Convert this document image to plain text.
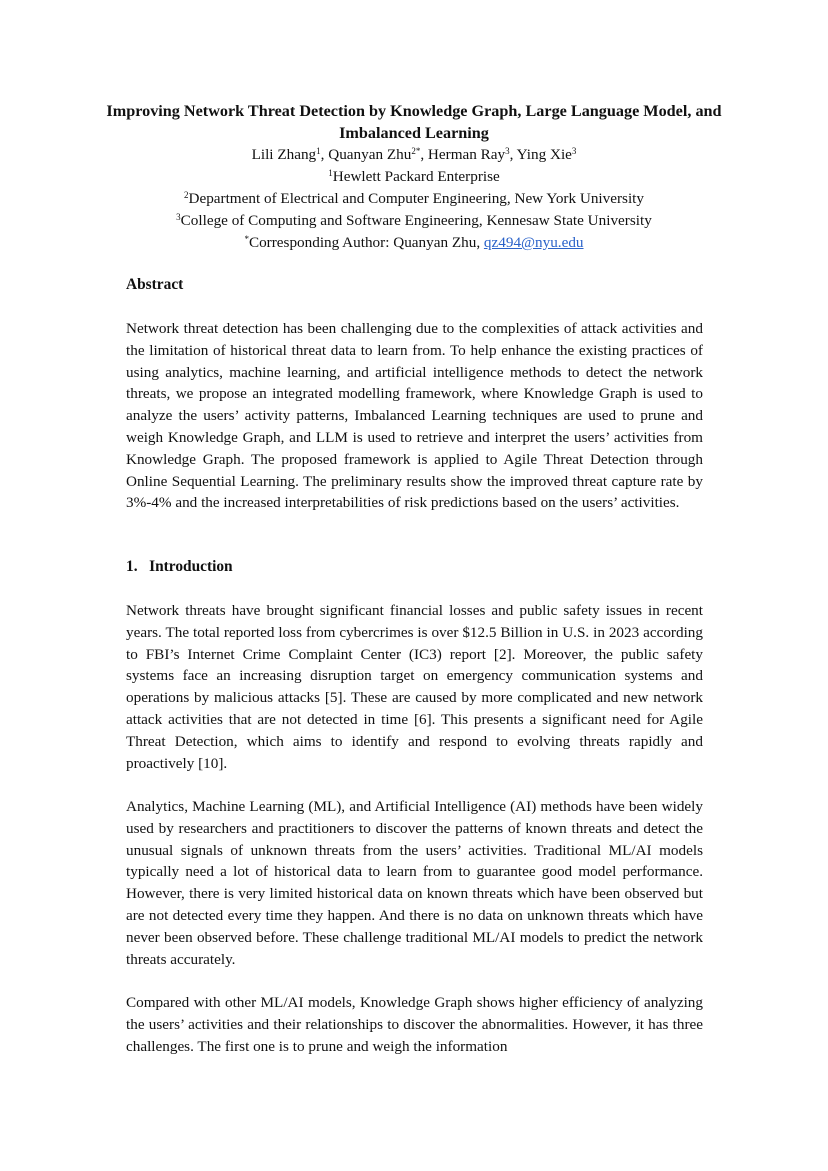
Improving Network Threat Detection by Knowledge Graph, Large Language Model, and Imbalanced Learning
Lili Zhang$^1$, Quanyan Zhu$^{2*}$, Herman Ray$^3$, Ying Xie$^3$
$^1$Hewlett Packard Enterprise
$^2$Department of Electrical and Computer Engineering, New York University
$^3$College of Computing and Software Engineering, Kennesaw State University
*Corresponding Author: Quanyan Zhu, qz494@nyu.edu
Abstract

Network threat detection has been challenging due to the complexities of attack activities and the limitation of historical threat data to learn from. To help enhance the existing practices of using analytics, machine learning, and artificial intelligence methods to detect the network threats, we propose an integrated modelling framework, where Knowledge Graph is used to analyze the users’ activity patterns, Imbalanced Learning techniques are used to prune and weigh Knowledge Graph, and LLM is used to retrieve and interpret the users’ activities from Knowledge Graph. The proposed framework is applied to Agile Threat Detection through Online Sequential Learning. The preliminary results show the improved threat capture rate by 3%-4% and the increased interpretabilities of risk predictions based on the users’ activities.

1.   Introduction

Network threats have brought significant financial losses and public safety issues in recent years. The total reported loss from cybercrimes is over $12.5 Billion in U.S. in 2023 according to FBI’s Internet Crime Complaint Center (IC3) report [2]. Moreover, the public safety systems face an increasing disruption target on emergency communication systems and operations by malicious attacks [5]. These are caused by more complicated and new network attack activities that are not detected in time [6]. This presents a significant need for Agile Threat Detection, which aims to identify and respond to evolving threats rapidly and proactively [10].

Analytics, Machine Learning (ML), and Artificial Intelligence (AI) methods have been widely used by researchers and practitioners to discover the patterns of known threats and detect the unusual signals of unknown threats from the users’ activities. Traditional ML/AI models typically need a lot of historical data to learn from to guarantee good model performance. However, there is very limited historical data on known threats which have been observed but are not detected every time they happen. And there is no data on unknown threats which have never been observed before. These challenge traditional ML/AI models to predict the network threats accurately.

Compared with other ML/AI models, Knowledge Graph shows higher efficiency of analyzing the users’ activities and their relationships to discover the abnormalities. However, it has three challenges. The first one is to prune and weigh the information
